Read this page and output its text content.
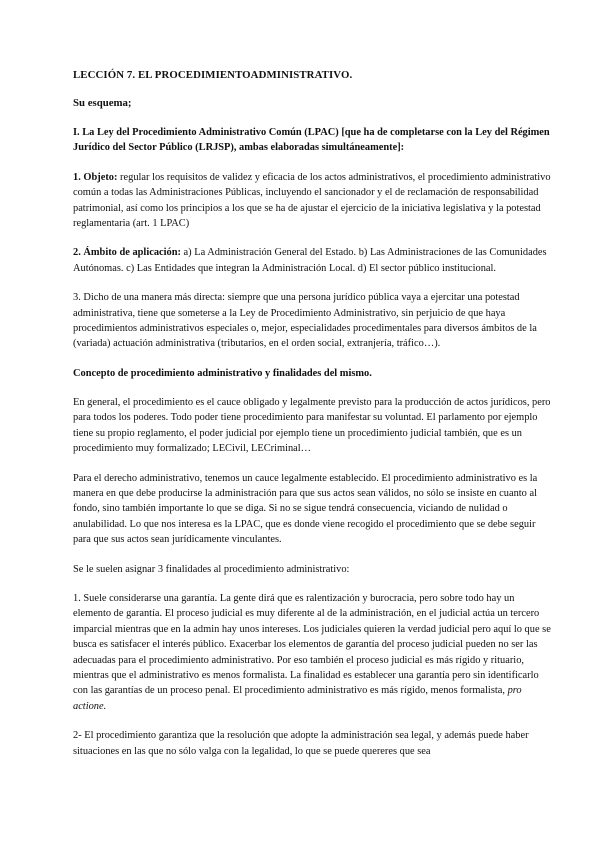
LECCIÓN 7. EL PROCEDIMIENTOADMINISTRATIVO.
Su esquema;
I. La Ley del Procedimiento Administrativo Común (LPAC) [que ha de completarse con la Ley del Régimen Jurídico del Sector Público (LRJSP), ambas elaboradas simultáneamente]:
1. Objeto: regular los requisitos de validez y eficacia de los actos administrativos, el procedimiento administrativo común a todas las Administraciones Públicas, incluyendo el sancionador y el de reclamación de responsabilidad patrimonial, así como los principios a los que se ha de ajustar el ejercicio de la iniciativa legislativa y la potestad reglamentaria (art. 1 LPAC)
2. Ámbito de aplicación: a) La Administración General del Estado. b) Las Administraciones de las Comunidades Autónomas. c) Las Entidades que integran la Administración Local. d) El sector público institucional.
3. Dicho de una manera más directa: siempre que una persona jurídico pública vaya a ejercitar una potestad administrativa, tiene que someterse a la Ley de Procedimiento Administrativo, sin perjuicio de que haya procedimientos administrativos especiales o, mejor, especialidades procedimentales para diversos ámbitos de la (variada) actuación administrativa (tributarios, en el orden social, extranjería, tráfico…).
Concepto de procedimiento administrativo y finalidades del mismo.
En general, el procedimiento es el cauce obligado y legalmente previsto para la producción de actos jurídicos, pero para todos los poderes. Todo poder tiene procedimiento para manifestar su voluntad. El parlamento por ejemplo tiene su propio reglamento, el poder judicial por ejemplo tiene un procedimiento judicial también, que es un procedimiento muy formalizado; LECivil, LECriminal…
Para el derecho administrativo, tenemos un cauce legalmente establecido. El procedimiento administrativo es la manera en que debe producirse la administración para que sus actos sean válidos, no sólo se insiste en cuanto al fondo, sino también importante lo que se diga. Si no se sigue tendrá consecuencia, viciando de nulidad o anulabilidad. Lo que nos interesa es la LPAC, que es donde viene recogido el procedimiento que se debe seguir para que sus actos sean jurídicamente vinculantes.
Se le suelen asignar 3 finalidades al procedimiento administrativo:
1. Suele considerarse una garantía. La gente dirá que es ralentización y burocracia, pero sobre todo hay un elemento de garantía. El proceso judicial es muy diferente al de la administración, en el judicial actúa un tercero imparcial mientras que en la admin hay unos intereses. Los judiciales quieren la verdad judicial pero aquí lo que se busca es satisfacer el interés público. Exacerbar los elementos de garantía del proceso judicial pueden no ser las adecuadas para el procedimiento administrativo. Por eso también el proceso judicial es más rígido y rituario, mientras que el administrativo es menos formalista. La finalidad es establecer una garantía pero sin identificarlo con las garantías de un proceso penal. El procedimiento administrativo es más rígido, menos formalista, pro actione.
2- El procedimiento garantiza que la resolución que adopte la administración sea legal, y además puede haber situaciones en las que no sólo valga con la legalidad, lo que se puede quereres que sea
